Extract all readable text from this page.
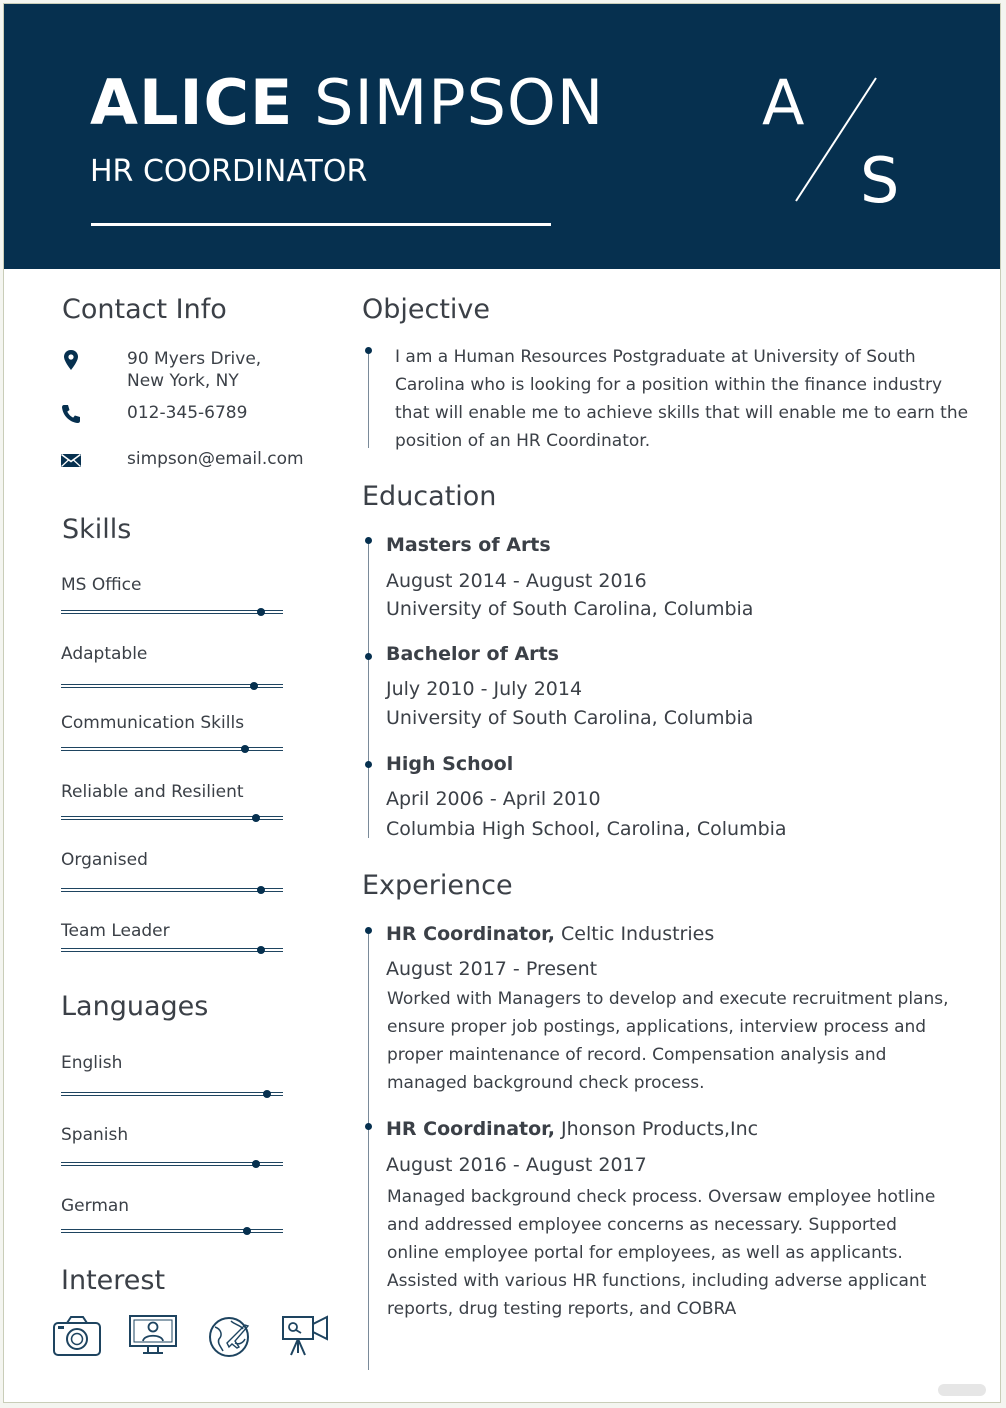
ALICE SIMPSON
HR COORDINATOR
A
S
Contact Info
90 Myers Drive,
New York, NY
012-345-6789
simpson@email.com
Skills
Languages
Interest
Objective
I am a Human Resources Postgraduate at University of South
Carolina who is looking for a position within the finance industry
that will enable me to achieve skills that will enable me to earn the
position of an HR Coordinator.
Education
Masters of Arts
August 2014 - August 2016
University of South Carolina, Columbia
Bachelor of Arts
July 2010 - July 2014
University of South Carolina, Columbia
High School
April 2006 - April 2010
Columbia High School, Carolina, Columbia
Experience
HR Coordinator, Celtic Industries
August 2017 - Present
Worked with Managers to develop and execute recruitment plans,
ensure proper job postings, applications, interview process and
proper maintenance of record. Compensation analysis and
managed background check process.
HR Coordinator, Jhonson Products,Inc
August 2016 - August 2017
Managed background check process. Oversaw employee hotline
and addressed employee concerns as necessary. Supported
online employee portal for employees, as well as applicants.
Assisted with various HR functions, including adverse applicant
reports, drug testing reports, and COBRA
MS Office
Adaptable
Communication Skills
Reliable and Resilient
Organised
Team Leader
English
Spanish
German
